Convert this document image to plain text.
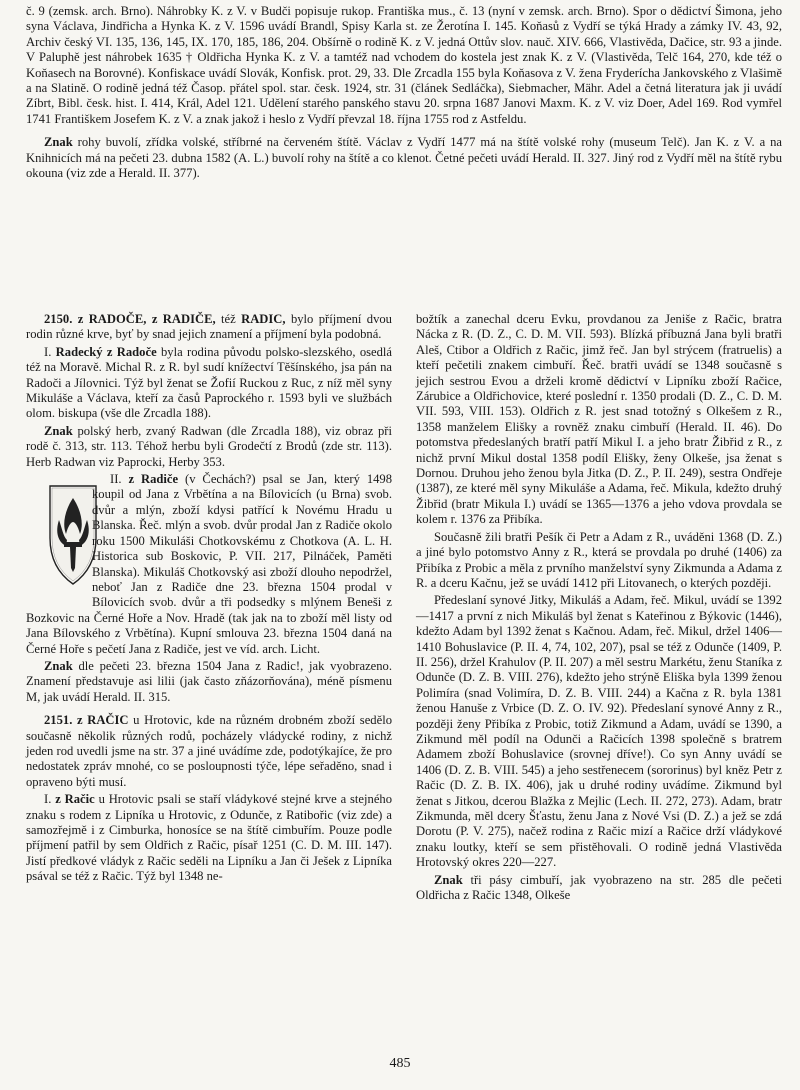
č. 9 (zemsk. arch. Brno). Náhrobky K. z V. v Budči popisuje rukop. Františka mus., č. 13 (nyní v zemsk. arch. Brno). Spor o dědictví Šimona, jeho syna Václava, Jindřicha a Hynka K. z V. 1596 uvádí Brandl, Spisy Karla st. ze Žerotína I. 145. Koňasů z Vydří se týká Hrady a zámky IV. 43, 92, Archiv český VI. 135, 136, 145, IX. 170, 185, 186, 204. Obšírně o rodině K. z V. jedná Ottův slov. nauč. XIV. 666, Vlastivěda, Dačice, str. 93 a jinde. V Paluphě jest náhrobek 1635 † Oldřicha Hynka K. z V. a tamtéž nad vchodem do kostela jest znak K. z V. (Vlastivěda, Telč 164, 270, kde též o Koňasech na Borovné). Konfiskace uvádí Slovák, Konfisk. prot. 29, 33. Dle Zrcadla 155 byla Koňasova z V. žena Fryderícha Jankovského z Vlašimě a na Slatině. O rodině jedná též Časop. přátel spol. star. česk. 1924, str. 31 (článek Sedláčka), Siebmacher, Mähr. Adel a četná literatura jak ji uvádí Zíbrt, Bibl. česk. hist. I. 414, Král, Adel 121. Udělení starého panského stavu 20. srpna 1687 Janovi Maxm. K. z V. viz Doer, Adel 169. Rod vymřel 1741 Františkem Josefem K. z V. a znak jakož i heslo z Vydří převzal 18. října 1755 rod z Astfeldu.

Znak rohy buvolí, zřídka volské, stříbrné na červeném štítě. Václav z Vydří 1477 má na štítě volské rohy (museum Telč). Jan K. z V. a na Knihnicích má na pečeti 23. dubna 1582 (A. L.) buvolí rohy na štítě a co klenot. Četné pečeti uvádí Herald. II. 327. Jiný rod z Vydří měl na štítě rybu okouna (viz zde a Herald. II. 377).

2150. z RADOČE, z RADIČE, též RADIC, bylo příjmení dvou rodin různé krve, byť by snad jejich znamení a příjmení byla podobná.

I. Radecký z Radoče byla rodina původu polsko-slezského, osedlá též na Moravě. Michal R. z R. byl sudí knížectví Těšínského, jsa pán na Radoči a Jílovnici. Týž byl ženat se Žofií Ruckou z Ruc, z níž měl syny Mikuláše a Václava, kteří za časů Paprockého r. 1593 byli ve službách olom. biskupa (vše dle Zrcadla 188).

Znak polský herb, zvaný Radwan (dle Zrcadla 188), viz obraz při rodě č. 313, str. 113. Téhož herbu byli Grodečtí z Brodů (zde str. 113). Herb Radwan viz Paprocki, Herby 353.

II. z Radiče (v Čechách?) psal se Jan, který 1498 koupil od Jana z Vrbětína a na Bílovicích (u Brna) svob. dvůr a mlýn, zboží kdysi patřící k Novému Hradu u Blanska. Řeč. mlýn a svob. dvůr prodal Jan z Radiče okolo roku 1500 Mikuláši Chotkovskému z Chotkova (A. L. H. Historica sub Boskovic, P. VII. 217, Pilnáček, Paměti Blanska). Mikuláš Chotkovský asi zboží dlouho nepodržel, neboť Jan z Radiče dne 23. března 1504 prodal v Bílovicích svob. dvůr a tři podsedky s mlýnem Beneši z Bozkovic na Černé Hoře a Nov. Hradě (tak jak na to zboží měl listy od Jana Bílovského z Vrbětína). Kupní smlouva 23. března 1504 daná na Černé Hoře s pečetí Jana z Radiče, jest ve víd. arch. Licht.

Znak dle pečeti 23. března 1504 Jana z Radic!, jak vyobrazeno. Znamení představuje asi lilii (jak často zňázorňována), méně písmenu M, jak uvádí Herald. II. 315.

2151. z RAČIC u Hrotovic, kde na různém drobném zboží sedělo současně několik různých rodů, pocházely vládycké rodiny, z nichž jeden rod uvedli jsme na str. 37 a jiné uvádíme zde, podotýkajíce, že pro nedostatek zpráv mnohé, co se posloupnosti týče, lépe seřaděno, snad i opraveno býti musí.

I. z Račic u Hrotovic psali se staří vládykové stejné krve a stejného znaku s rodem z Lipníka u Hrotovic, z Odunče, z Ratibořic (viz zde) a samozřejmě i z Cimburka, honosíce se na štítě cimbuřím. Pouze podle příjmení patřil by sem Oldřich z Račic, písař 1251 (C. D. M. III. 147). Jistí předkové vládyk z Račic seděli na Lipníku a Jan či Ješek z Lipníka psával se též z Račic. Týž byl 1348 ne-

božtík a zanechal dceru Evku, provdanou za Jeniše z Račic, bratra Nácka z R. (D. Z., C. D. M. VII. 593). Blízká příbuzná Jana byli bratři Aleš, Ctibor a Oldřich z Račic, jimž řeč. Jan byl strýcem (fratruelis) a kteří pečetili znakem cimbuří. Řeč. bratři uvádí se 1348 současně s jejich sestrou Evou a drželi kromě dědictví v Lipníku zboží Račice, Zárubice a Oldřichovice, které poslední r. 1350 prodali (D. Z., C. D. M. VII. 593, VIII. 153). Oldřich z R. jest snad totožný s Olkešem z R., 1358 manželem Elišky a rovněž znaku cimbuří (Herald. II. 46). Do potomstva předeslaných bratří patří Mikul I. a jeho bratr Žibřid z R., z nichž první Mikul dostal 1358 podíl Elišky, ženy Olkeše, jsa ženat s Dornou. Druhou jeho ženou byla Jitka (D. Z., P. II. 249), sestra Ondřeje (1387), ze které měl syny Mikuláše a Adama, řeč. Mikula, kdežto druhý Žibřid (bratr Mikula I.) uvádí se 1365—1376 a jeho vdova provdala se kolem r. 1376 za Přibíka.

Současně žili bratři Pešík či Petr a Adam z R., uváděni 1368 (D. Z.) a jiné bylo potomstvo Anny z R., která se provdala po druhé (1406) za Přibíka z Probic a měla z prvního manželství syny Zikmunda a Adama z R. a dceru Kačnu, jež se uvádí 1412 při Litovanech, o kterých později.

Předeslaní synové Jitky, Mikuláš a Adam, řeč. Mikul, uvádí se 1392—1417 a první z nich Mikuláš byl ženat s Kateřinou z Býkovic (1446), kdežto Adam byl 1392 ženat s Kačnou. Adam, řeč. Mikul, držel 1406—1410 Bohuslavice (P. II. 4, 74, 102, 207), psal se též z Odunče (1409, P. II. 256), držel Krahulov (P. II. 207) a měl sestru Markétu, ženu Staníka z Odunče (D. Z. B. VIII. 276), kdežto jeho strýně Eliška byla 1399 ženou Polimíra (snad Volimíra, D. Z. B. VIII. 244) a Kačna z R. byla 1381 ženou Hanuše z Vrbice (D. Z. O. IV. 92). Předeslaní synové Anny z R., později ženy Přibíka z Probic, totiž Zikmund a Adam, uvádí se 1390, a Zikmund měl podíl na Odunči a Račicích 1398 společně s bratrem Adamem zboží Bohuslavice (srovnej dříve!). Co syn Anny uvádí se 1406 (D. Z. B. VIII. 545) a jeho sestřenecem (sororinus) byl kněz Petr z Račic (D. Z. B. IX. 406), jak u druhé rodiny uvádíme. Zikmund byl ženat s Jitkou, dcerou Blažka z Mejlic (Lech. II. 272, 273). Adam, bratr Zikmunda, měl dcery Šťastu, ženu Jana z Nové Vsi (D. Z.) a jež se zdá Dorotu (P. V. 275), načež rodina z Račic mizí a Račice drží vládykové znaku loutky, kteří se sem přistěhovali. O rodině jedná Vlastivěda Hrotovský okres 220—227.

Znak tři pásy cimbuří, jak vyobrazeno na str. 285 dle pečeti Oldřicha z Račic 1348, Olkeše

485
